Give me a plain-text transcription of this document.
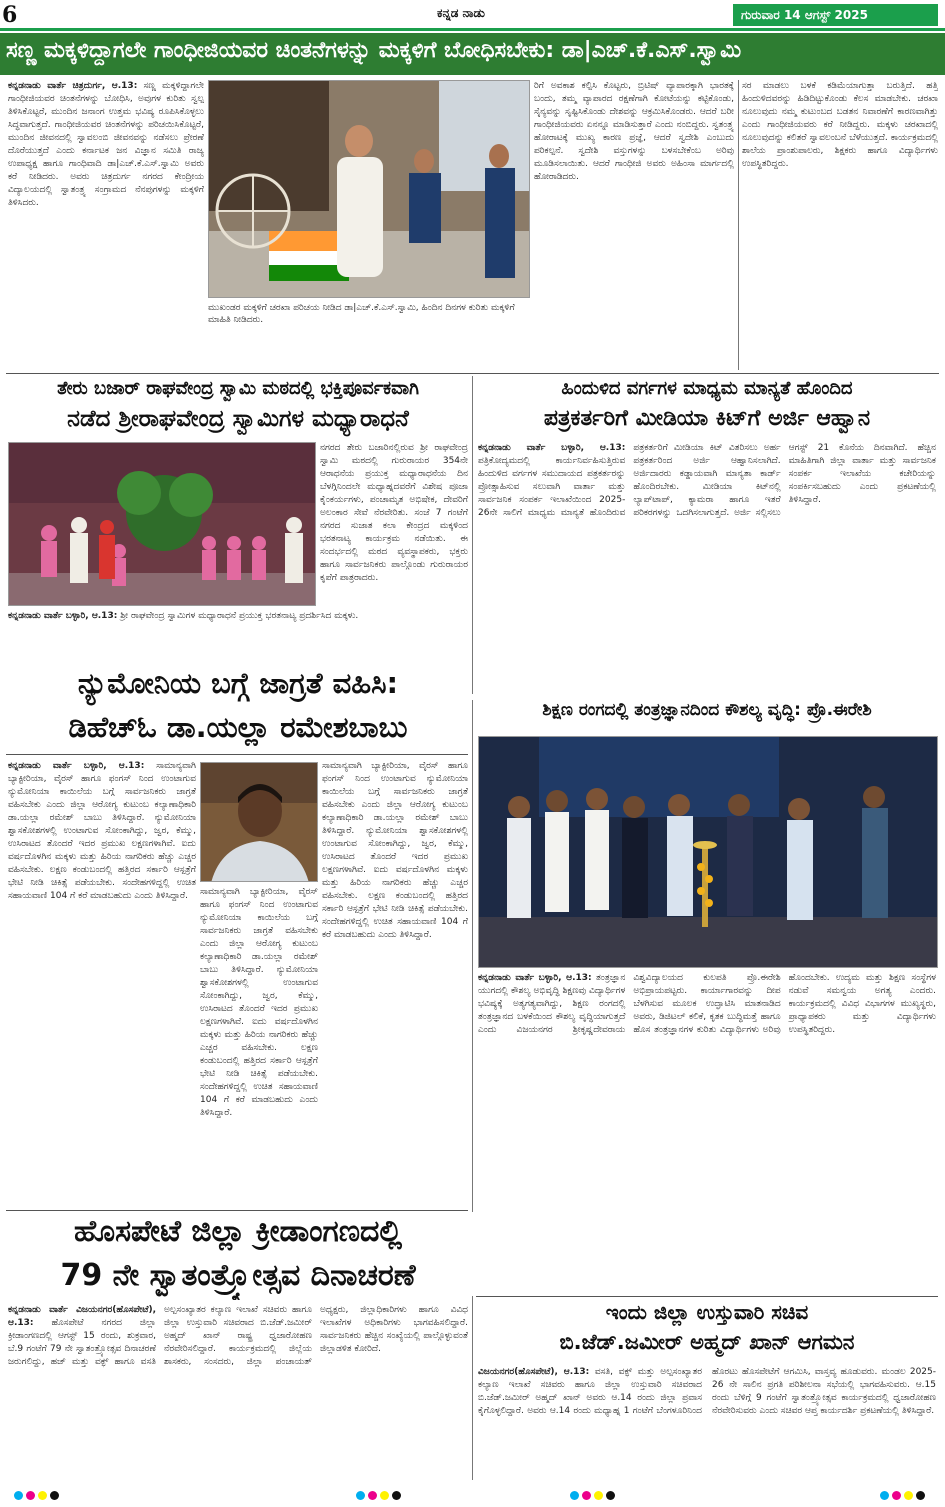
6	ಕನ್ನಡ ನಾಡು	ಗುರುವಾರ 14 ಆಗಸ್ಟ್ 2025
ಸಣ್ಣ ಮಕ್ಕಳಿದ್ದಾಗಲೇ ಗಾಂಧೀಜಿಯವರ ಚಿಂತನೆಗಳನ್ನು ಮಕ್ಕಳಿಗೆ ಬೋಧಿಸಬೇಕು: ಡಾ|ಎಚ್.ಕೆ.ಎಸ್.ಸ್ವಾಮಿ
ಕನ್ನಡನಾಡು ವಾರ್ತೆ ಚಿತ್ರದುರ್ಗ, ಆ.13: ಸಣ್ಣ ಮಕ್ಕಳಿದ್ದಾಗಲೇ ಗಾಂಧೀಜಿಯವರ ಚಿಂತನೆಗಳನ್ನು ಬೋಧಿಸಿ, ಅವುಗಳ ಕುರಿತು ಸ್ವಲ್ಪ ತಿಳಿಸಿಕೊಟ್ಟರೆ, ಮುಂದಿನ ಜನಾಂಗ ಉತ್ತಮ ಭವಿಷ್ಯ ರೂಪಿಸಿಕೊಳ್ಳಲು ಸಿದ್ಧವಾಗುತ್ತದೆ. ಗಾಂಧೀಜಿಯವರ ಚಿಂತನೆಗಳನ್ನು ಪರಿಚಯಿಸಿಕೊಟ್ಟರೆ, ಮುಂದಿನ ಜೀವನದಲ್ಲಿ ಸ್ವಾವಲಂಬಿ ಜೀವನವನ್ನು ನಡೆಸಲು ಪ್ರೇರಣೆ ದೊರೆಯುತ್ತದೆ ಎಂದು ಕರ್ನಾಟಕ ಜನ ವಿಜ್ಞಾನ ಸಮಿತಿ ರಾಜ್ಯ ಉಪಾಧ್ಯಕ್ಷ ಹಾಗೂ ಗಾಂಧಿವಾದಿ ಡಾ|ಎಚ್.ಕೆ.ಎಸ್.ಸ್ವಾಮಿ ಅವರು ಕರೆ ನೀಡಿದರು. ಅವರು ಚಿತ್ರದುರ್ಗ ನಗರದ ಕೇಂದ್ರೀಯ ವಿದ್ಯಾಲಯದಲ್ಲಿ ಸ್ವಾತಂತ್ರ್ಯ ಸಂಗ್ರಾಮದ ನೆನಪುಗಳನ್ನು ಮಕ್ಕಳಿಗೆ ತಿಳಿಸಿದರು.
ಮುಖಂಡರ ಮಕ್ಕಳಿಗೆ ಚರಖಾ ಪರಿಚಯ ನೀಡಿದ ಡಾ|ಎಚ್.ಕೆ.ಎಸ್.ಸ್ವಾಮಿ, ಹಿಂದಿನ ದಿನಗಳ ಕುರಿತು ಮಕ್ಕಳಿಗೆ ಮಾಹಿತಿ ನೀಡಿದರು.
ರಿಗೆ ಅವಕಾಶ ಕಲ್ಪಿಸಿ ಕೊಟ್ಟರು, ಬ್ರಿಟಿಷ್ ವ್ಯಾಪಾರಕ್ಕಾಗಿ ಭಾರತಕ್ಕೆ ಬಂದು, ತಮ್ಮ ವ್ಯಾಪಾರದ ರಕ್ಷಣೆಗಾಗಿ ಕೋಟೆಯನ್ನು ಕಟ್ಟಿಕೊಂಡು, ಸೈನ್ಯವನ್ನು ಸೃಷ್ಟಿಸಿಕೊಂಡು ದೇಶವನ್ನು ಆಕ್ರಮಿಸಿಕೊಂಡರು. ಆದರೆ ಬರೀ ಗಾಂಧೀಜಿಯವರು ಏನನ್ನೂ ಮಾಡಿಸುತ್ತಾರೆ ಎಂದು ನಂಬಿದ್ದರು. ಸ್ವತಂತ್ರ್ಯ ಹೋರಾಟಕ್ಕೆ ಮುಖ್ಯ ಕಾರಣ ಪ್ರಜ್ಞೆ, ಆದರೆ ಸ್ವದೇಶಿ ಎಂಬುದು ಪರಿಕಲ್ಪನೆ. ಸ್ವದೇಶಿ ವಸ್ತುಗಳನ್ನು ಬಳಸಬೇಕೆಂಬ ಅರಿವು ಮೂಡಿಸಲಾಯಿತು. ಆದರೆ ಗಾಂಧೀಜಿ ಅವರು ಅಹಿಂಸಾ ಮಾರ್ಗದಲ್ಲಿ ಹೋರಾಡಿದರು.
ಸರ ಮಾಡಲು ಬಳಕೆ ಕಡಿಮೆಯಾಗುತ್ತಾ ಬರುತ್ತಿದೆ. ಹತ್ತಿ ಹಿಂದುಳಿದವರನ್ನು ಹಿಡಿದಿಟ್ಟುಕೊಂಡು ಕೆಲಸ ಮಾಡಬೇಕು. ಚರಖಾ ನೂಲುವುದು ನಮ್ಮ ಕುಟುಂಬದ ಬಡತನ ನಿವಾರಣೆಗೆ ಕಾರಣವಾಗಿತ್ತು ಎಂದು ಗಾಂಧೀಜಿಯವರು ಕರೆ ನೀಡಿದ್ದರು. ಮಕ್ಕಳು ಚರಖಾದಲ್ಲಿ ನೂಲುವುದನ್ನು ಕಲಿತರೆ ಸ್ವಾವಲಂಬನೆ ಬೆಳೆಯುತ್ತದೆ. ಕಾರ್ಯಕ್ರಮದಲ್ಲಿ ಶಾಲೆಯ ಪ್ರಾಂಶುಪಾಲರು, ಶಿಕ್ಷಕರು ಹಾಗೂ ವಿದ್ಯಾರ್ಥಿಗಳು ಉಪಸ್ಥಿತರಿದ್ದರು.
ತೇರು ಬಜಾರ್ ರಾಘವೇಂದ್ರ ಸ್ವಾಮಿ ಮಠದಲ್ಲಿ ಭಕ್ತಿಪೂರ್ವಕವಾಗಿ
ನಡೆದ ಶ್ರೀರಾಘವೇಂದ್ರ ಸ್ವಾಮಿಗಳ ಮಧ್ಯಾರಾಧನೆ
ನಗರದ ತೇರು ಬಜಾರಿನಲ್ಲಿರುವ ಶ್ರೀ ರಾಘವೇಂದ್ರ ಸ್ವಾಮಿ ಮಠದಲ್ಲಿ ಗುರುರಾಯರ 354ನೇ ಆರಾಧನೆಯ ಪ್ರಯುಕ್ತ ಮಧ್ಯಾರಾಧನೆಯ ದಿನ ಬೆಳಗ್ಗಿನಿಂದಲೇ ಮಧ್ಯಾಹ್ನದವರೆಗೆ ವಿಶೇಷ ಪೂಜಾ ಕೈಂಕರ್ಯಗಳು, ಪಂಚಾಮೃತ ಅಭಿಷೇಕ, ದೇವರಿಗೆ ಅಲಂಕಾರ ಸೇವೆ ನೆರವೇರಿತು. ಸಂಜೆ 7 ಗಂಟೆಗೆ ನಗರದ ಸುಜಾತ ಕಲಾ ಕೇಂದ್ರದ ಮಕ್ಕಳಿಂದ ಭರತನಾಟ್ಯ ಕಾರ್ಯಕ್ರಮ ನಡೆಯಿತು. ಈ ಸಂದರ್ಭದಲ್ಲಿ ಮಠದ ವ್ಯವಸ್ಥಾಪಕರು, ಭಕ್ತರು ಹಾಗೂ ಸಾರ್ವಜನಿಕರು ಪಾಲ್ಗೊಂಡು ಗುರುರಾಯರ ಕೃಪೆಗೆ ಪಾತ್ರರಾದರು.
ಕನ್ನಡನಾಡು ವಾರ್ತೆ ಬಳ್ಳಾರಿ, ಆ.13: ಶ್ರೀ ರಾಘವೇಂದ್ರ ಸ್ವಾಮಿಗಳ ಮಧ್ಯಾರಾಧನೆ ಪ್ರಯುಕ್ತ ಭರತನಾಟ್ಯ ಪ್ರದರ್ಶಿಸಿದ ಮಕ್ಕಳು.
ಹಿಂದುಳಿದ ವರ್ಗಗಳ ಮಾಧ್ಯಮ ಮಾನ್ಯತೆ ಹೊಂದಿದ
ಪತ್ರಕರ್ತರಿಗೆ ಮೀಡಿಯಾ ಕಿಟ್‌ಗೆ ಅರ್ಜಿ ಆಹ್ವಾನ
ಕನ್ನಡನಾಡು ವಾರ್ತೆ ಬಳ್ಳಾರಿ, ಆ.13: ಪತ್ರಿಕೋದ್ಯಮದಲ್ಲಿ ಕಾರ್ಯನಿರ್ವಹಿಸುತ್ತಿರುವ ಹಿಂದುಳಿದ ವರ್ಗಗಳ ಸಮುದಾಯದ ಪತ್ರಕರ್ತರನ್ನು ಪ್ರೋತ್ಸಾಹಿಸುವ ಸಲುವಾಗಿ ವಾರ್ತಾ ಮತ್ತು ಸಾರ್ವಜನಿಕ ಸಂಪರ್ಕ ಇಲಾಖೆಯಿಂದ 2025-26ನೇ ಸಾಲಿಗೆ ಮಾಧ್ಯಮ ಮಾನ್ಯತೆ ಹೊಂದಿರುವ ಪತ್ರಕರ್ತರಿಗೆ ಮೀಡಿಯಾ ಕಿಟ್ ವಿತರಿಸಲು ಅರ್ಹ ಪತ್ರಕರ್ತರಿಂದ ಅರ್ಜಿ ಆಹ್ವಾನಿಸಲಾಗಿದೆ. ಅರ್ಜಿದಾರರು ಕಡ್ಡಾಯವಾಗಿ ಮಾನ್ಯತಾ ಕಾರ್ಡ್ ಹೊಂದಿರಬೇಕು. ಮೀಡಿಯಾ ಕಿಟ್‌ನಲ್ಲಿ ಲ್ಯಾಪ್‌ಟಾಪ್, ಕ್ಯಾಮರಾ ಹಾಗೂ ಇತರೆ ಪರಿಕರಗಳನ್ನು ಒದಗಿಸಲಾಗುತ್ತದೆ. ಅರ್ಜಿ ಸಲ್ಲಿಸಲು ಆಗಸ್ಟ್ 21 ಕೊನೆಯ ದಿನವಾಗಿದೆ. ಹೆಚ್ಚಿನ ಮಾಹಿತಿಗಾಗಿ ಜಿಲ್ಲಾ ವಾರ್ತಾ ಮತ್ತು ಸಾರ್ವಜನಿಕ ಸಂಪರ್ಕ ಇಲಾಖೆಯ ಕಚೇರಿಯನ್ನು ಸಂಪರ್ಕಿಸಬಹುದು ಎಂದು ಪ್ರಕಟಣೆಯಲ್ಲಿ ತಿಳಿಸಿದ್ದಾರೆ.
ನ್ಯುಮೋನಿಯ ಬಗ್ಗೆ ಜಾಗ್ರತೆ ವಹಿಸಿ:
ಡಿಹೆಚ್‌ಓ ಡಾ.ಯಲ್ಲಾ ರಮೇಶಬಾಬು
ಕನ್ನಡನಾಡು ವಾರ್ತೆ ಬಳ್ಳಾರಿ, ಆ.13: ಸಾಮಾನ್ಯವಾಗಿ ಬ್ಯಾಕ್ಟೀರಿಯಾ, ವೈರಸ್ ಹಾಗೂ ಫಂಗಸ್ ನಿಂದ ಉಂಟಾಗುವ ನ್ಯುಮೋನಿಯಾ ಕಾಯಿಲೆಯ ಬಗ್ಗೆ ಸಾರ್ವಜನಿಕರು ಜಾಗ್ರತೆ ವಹಿಸಬೇಕು ಎಂದು ಜಿಲ್ಲಾ ಆರೋಗ್ಯ ಕುಟುಂಬ ಕಲ್ಯಾಣಾಧಿಕಾರಿ ಡಾ.ಯಲ್ಲಾ ರಮೇಶ್ ಬಾಬು ತಿಳಿಸಿದ್ದಾರೆ. ನ್ಯುಮೋನಿಯಾ ಶ್ವಾಸಕೋಶಗಳಲ್ಲಿ ಉಂಟಾಗುವ ಸೋಂಕಾಗಿದ್ದು, ಜ್ವರ, ಕೆಮ್ಮು, ಉಸಿರಾಟದ ತೊಂದರೆ ಇದರ ಪ್ರಮುಖ ಲಕ್ಷಣಗಳಾಗಿವೆ. ಐದು ವರ್ಷದೊಳಗಿನ ಮಕ್ಕಳು ಮತ್ತು ಹಿರಿಯ ನಾಗರಿಕರು ಹೆಚ್ಚು ಎಚ್ಚರ ವಹಿಸಬೇಕು. ಲಕ್ಷಣ ಕಂಡುಬಂದಲ್ಲಿ ಹತ್ತಿರದ ಸರ್ಕಾರಿ ಆಸ್ಪತ್ರೆಗೆ ಭೇಟಿ ನೀಡಿ ಚಿಕಿತ್ಸೆ ಪಡೆಯಬೇಕು. ಸಂದೇಹಗಳಿದ್ದಲ್ಲಿ ಉಚಿತ ಸಹಾಯವಾಣಿ 104 ಗೆ ಕರೆ ಮಾಡಬಹುದು ಎಂದು ತಿಳಿಸಿದ್ದಾರೆ.	ಸಾಮಾನ್ಯವಾಗಿ ಬ್ಯಾಕ್ಟೀರಿಯಾ, ವೈರಸ್ ಹಾಗೂ ಫಂಗಸ್ ನಿಂದ ಉಂಟಾಗುವ ನ್ಯುಮೋನಿಯಾ ಕಾಯಿಲೆಯ ಬಗ್ಗೆ ಸಾರ್ವಜನಿಕರು ಜಾಗ್ರತೆ ವಹಿಸಬೇಕು ಎಂದು ಜಿಲ್ಲಾ ಆರೋಗ್ಯ ಕುಟುಂಬ ಕಲ್ಯಾಣಾಧಿಕಾರಿ ಡಾ.ಯಲ್ಲಾ ರಮೇಶ್ ಬಾಬು ತಿಳಿಸಿದ್ದಾರೆ. ನ್ಯುಮೋನಿಯಾ ಶ್ವಾಸಕೋಶಗಳಲ್ಲಿ ಉಂಟಾಗುವ ಸೋಂಕಾಗಿದ್ದು, ಜ್ವರ, ಕೆಮ್ಮು, ಉಸಿರಾಟದ ತೊಂದರೆ ಇದರ ಪ್ರಮುಖ ಲಕ್ಷಣಗಳಾಗಿವೆ. ಐದು ವರ್ಷದೊಳಗಿನ ಮಕ್ಕಳು ಮತ್ತು ಹಿರಿಯ ನಾಗರಿಕರು ಹೆಚ್ಚು ಎಚ್ಚರ ವಹಿಸಬೇಕು. ಲಕ್ಷಣ ಕಂಡುಬಂದಲ್ಲಿ ಹತ್ತಿರದ ಸರ್ಕಾರಿ ಆಸ್ಪತ್ರೆಗೆ ಭೇಟಿ ನೀಡಿ ಚಿಕಿತ್ಸೆ ಪಡೆಯಬೇಕು. ಸಂದೇಹಗಳಿದ್ದಲ್ಲಿ ಉಚಿತ ಸಹಾಯವಾಣಿ 104 ಗೆ ಕರೆ ಮಾಡಬಹುದು ಎಂದು ತಿಳಿಸಿದ್ದಾರೆ.
ಸಾಮಾನ್ಯವಾಗಿ ಬ್ಯಾಕ್ಟೀರಿಯಾ, ವೈರಸ್ ಹಾಗೂ ಫಂಗಸ್ ನಿಂದ ಉಂಟಾಗುವ ನ್ಯುಮೋನಿಯಾ ಕಾಯಿಲೆಯ ಬಗ್ಗೆ ಸಾರ್ವಜನಿಕರು ಜಾಗ್ರತೆ ವಹಿಸಬೇಕು ಎಂದು ಜಿಲ್ಲಾ ಆರೋಗ್ಯ ಕುಟುಂಬ ಕಲ್ಯಾಣಾಧಿಕಾರಿ ಡಾ.ಯಲ್ಲಾ ರಮೇಶ್ ಬಾಬು ತಿಳಿಸಿದ್ದಾರೆ. ನ್ಯುಮೋನಿಯಾ ಶ್ವಾಸಕೋಶಗಳಲ್ಲಿ ಉಂಟಾಗುವ ಸೋಂಕಾಗಿದ್ದು, ಜ್ವರ, ಕೆಮ್ಮು, ಉಸಿರಾಟದ ತೊಂದರೆ ಇದರ ಪ್ರಮುಖ ಲಕ್ಷಣಗಳಾಗಿವೆ. ಐದು ವರ್ಷದೊಳಗಿನ ಮಕ್ಕಳು ಮತ್ತು ಹಿರಿಯ ನಾಗರಿಕರು ಹೆಚ್ಚು ಎಚ್ಚರ ವಹಿಸಬೇಕು. ಲಕ್ಷಣ ಕಂಡುಬಂದಲ್ಲಿ ಹತ್ತಿರದ ಸರ್ಕಾರಿ ಆಸ್ಪತ್ರೆಗೆ ಭೇಟಿ ನೀಡಿ ಚಿಕಿತ್ಸೆ ಪಡೆಯಬೇಕು. ಸಂದೇಹಗಳಿದ್ದಲ್ಲಿ ಉಚಿತ ಸಹಾಯವಾಣಿ 104 ಗೆ ಕರೆ ಮಾಡಬಹುದು ಎಂದು ತಿಳಿಸಿದ್ದಾರೆ.
ಶಿಕ್ಷಣ ರಂಗದಲ್ಲಿ ತಂತ್ರಜ್ಞಾನದಿಂದ ಕೌಶಲ್ಯ ವೃದ್ಧಿ: ಪ್ರೊ.ಈರೇಶಿ
ಕನ್ನಡನಾಡು ವಾರ್ತೆ ಬಳ್ಳಾರಿ, ಆ.13: ತಂತ್ರಜ್ಞಾನ ಯುಗದಲ್ಲಿ ಕೌಶಲ್ಯ ಅಭಿವೃದ್ಧಿ ಶಿಕ್ಷಣವು ವಿದ್ಯಾರ್ಥಿಗಳ ಭವಿಷ್ಯಕ್ಕೆ ಅತ್ಯಗತ್ಯವಾಗಿದ್ದು, ಶಿಕ್ಷಣ ರಂಗದಲ್ಲಿ ತಂತ್ರಜ್ಞಾನದ ಬಳಕೆಯಿಂದ ಕೌಶಲ್ಯ ವೃದ್ಧಿಯಾಗುತ್ತದೆ ಎಂದು ವಿಜಯನಗರ ಶ್ರೀಕೃಷ್ಣದೇವರಾಯ ವಿಶ್ವವಿದ್ಯಾಲಯದ ಕುಲಪತಿ ಪ್ರೊ.ಈರೇಶಿ ಅಭಿಪ್ರಾಯಪಟ್ಟರು. ಕಾರ್ಯಾಗಾರವನ್ನು ದೀಪ ಬೆಳಗಿಸುವ ಮೂಲಕ ಉದ್ಘಾಟಿಸಿ ಮಾತನಾಡಿದ ಅವರು, ಡಿಜಿಟಲ್ ಕಲಿಕೆ, ಕೃತಕ ಬುದ್ಧಿಮತ್ತೆ ಹಾಗೂ ಹೊಸ ತಂತ್ರಜ್ಞಾನಗಳ ಕುರಿತು ವಿದ್ಯಾರ್ಥಿಗಳು ಅರಿವು ಹೊಂದಬೇಕು. ಉದ್ಯಮ ಮತ್ತು ಶಿಕ್ಷಣ ಸಂಸ್ಥೆಗಳ ನಡುವೆ ಸಮನ್ವಯ ಅಗತ್ಯ ಎಂದರು. ಕಾರ್ಯಕ್ರಮದಲ್ಲಿ ವಿವಿಧ ವಿಭಾಗಗಳ ಮುಖ್ಯಸ್ಥರು, ಪ್ರಾಧ್ಯಾಪಕರು ಮತ್ತು ವಿದ್ಯಾರ್ಥಿಗಳು ಉಪಸ್ಥಿತರಿದ್ದರು.
ಹೊಸಪೇಟೆ ಜಿಲ್ಲಾ ಕ್ರೀಡಾಂಗಣದಲ್ಲಿ
79 ನೇ ಸ್ವಾತಂತ್ರ್ಯೋತ್ಸವ ದಿನಾಚರಣೆ
ಕನ್ನಡನಾಡು ವಾರ್ತೆ ವಿಜಯನಗರ(ಹೊಸಪೇಟೆ), ಆ.13: ಹೊಸಪೇಟೆ ನಗರದ ಜಿಲ್ಲಾ ಕ್ರೀಡಾಂಗಣದಲ್ಲಿ ಆಗಸ್ಟ್ 15 ರಂದು, ಶುಕ್ರವಾರ, ಬೆ.9 ಗಂಟೆಗೆ 79 ನೇ ಸ್ವಾತಂತ್ರ್ಯೋತ್ಸವ ದಿನಾಚರಣೆ ಜರುಗಲಿದ್ದು, ಹಜ್ ಮತ್ತು ವಕ್ಫ್ ಹಾಗೂ ವಸತಿ ಅಲ್ಪಸಂಖ್ಯಾತರ ಕಲ್ಯಾಣ ಇಲಾಖೆ ಸಚಿವರು ಹಾಗೂ ಜಿಲ್ಲಾ ಉಸ್ತುವಾರಿ ಸಚಿವರಾದ ಬಿ.ಜೆಡ್.ಜಮೀರ್ ಅಹ್ಮದ್ ಖಾನ್ ರಾಷ್ಟ್ರ ಧ್ವಜಾರೋಹಣ ನೆರವೇರಿಸಲಿದ್ದಾರೆ. ಕಾರ್ಯಕ್ರಮದಲ್ಲಿ ಜಿಲ್ಲೆಯ ಶಾಸಕರು, ಸಂಸದರು, ಜಿಲ್ಲಾ ಪಂಚಾಯತ್ ಅಧ್ಯಕ್ಷರು, ಜಿಲ್ಲಾಧಿಕಾರಿಗಳು ಹಾಗೂ ವಿವಿಧ ಇಲಾಖೆಗಳ ಅಧಿಕಾರಿಗಳು ಭಾಗವಹಿಸಲಿದ್ದಾರೆ. ಸಾರ್ವಜನಿಕರು ಹೆಚ್ಚಿನ ಸಂಖ್ಯೆಯಲ್ಲಿ ಪಾಲ್ಗೊಳ್ಳುವಂತೆ ಜಿಲ್ಲಾಡಳಿತ ಕೋರಿದೆ.
ಇಂದು ಜಿಲ್ಲಾ ಉಸ್ತುವಾರಿ ಸಚಿವ
ಬಿ.ಜೆಡ್.ಜಮೀರ್ ಅಹ್ಮದ್ ಖಾನ್ ಆಗಮನ
ವಿಜಯನಗರ(ಹೊಸಪೇಟೆ), ಆ.13: ವಸತಿ, ವಕ್ಫ್ ಮತ್ತು ಅಲ್ಪಸಂಖ್ಯಾತರ ಕಲ್ಯಾಣ ಇಲಾಖೆ ಸಚಿವರು ಹಾಗೂ ಜಿಲ್ಲಾ ಉಸ್ತುವಾರಿ ಸಚಿವರಾದ ಬಿ.ಜೆಡ್.ಜಮೀರ್ ಅಹ್ಮದ್ ಖಾನ್ ಅವರು ಆ.14 ರಂದು ಜಿಲ್ಲಾ ಪ್ರವಾಸ ಕೈಗೊಳ್ಳಲಿದ್ದಾರೆ. ಅವರು ಆ.14 ರಂದು ಮಧ್ಯಾಹ್ನ 1 ಗಂಟೆಗೆ ಬೆಂಗಳೂರಿನಿಂದ ಹೊರಟು ಹೊಸಪೇಟೆಗೆ ಆಗಮಿಸಿ, ವಾಸ್ತವ್ಯ ಹೂಡುವರು. ಮಂಡಲ 2025-26 ನೇ ಸಾಲಿನ ಪ್ರಗತಿ ಪರಿಶೀಲನಾ ಸಭೆಯಲ್ಲಿ ಭಾಗವಹಿಸುವರು. ಆ.15 ರಂದು ಬೆಳಿಗ್ಗೆ 9 ಗಂಟೆಗೆ ಸ್ವಾತಂತ್ರ್ಯೋತ್ಸವ ಕಾರ್ಯಕ್ರಮದಲ್ಲಿ ಧ್ವಜಾರೋಹಣ ನೆರವೇರಿಸುವರು ಎಂದು ಸಚಿವರ ಆಪ್ತ ಕಾರ್ಯದರ್ಶಿ ಪ್ರಕಟಣೆಯಲ್ಲಿ ತಿಳಿಸಿದ್ದಾರೆ.
